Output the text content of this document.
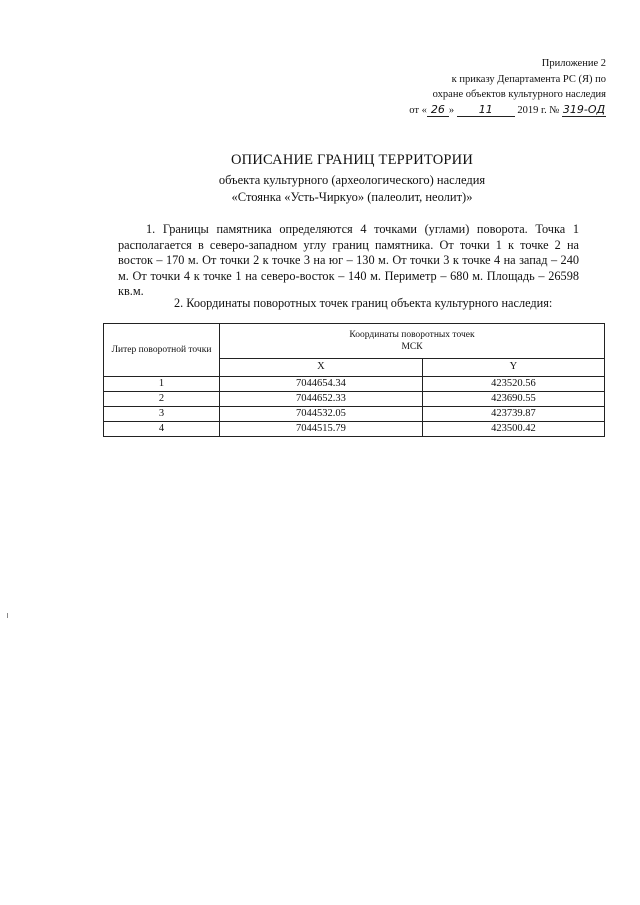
Приложение 2
к приказу Департамента РС (Я) по
охране объектов культурного наследия
от « 26 » 11 2019 г. № 319-ОД
ОПИСАНИЕ ГРАНИЦ ТЕРРИТОРИИ
объекта культурного (археологического) наследия
«Стоянка «Усть-Чиркуо» (палеолит, неолит)»
1. Границы памятника определяются 4 точками (углами) поворота. Точка 1 располагается в северо-западном углу границ памятника. От точки 1 к точке 2 на восток – 170 м. От точки 2 к точке 3 на юг – 130 м. От точки 3 к точке 4 на запад – 240 м. От точки 4 к точке 1 на северо-восток – 140 м. Периметр – 680 м. Площадь – 26598 кв.м.
2. Координаты поворотных точек границ объекта культурного наследия:
Литер поворотной точки	Координаты поворотных точек
МСК	

	X	Y
1	7044654.34	423520.56
2	7044652.33	423690.55
3	7044532.05	423739.87
4	7044515.79	423500.42
